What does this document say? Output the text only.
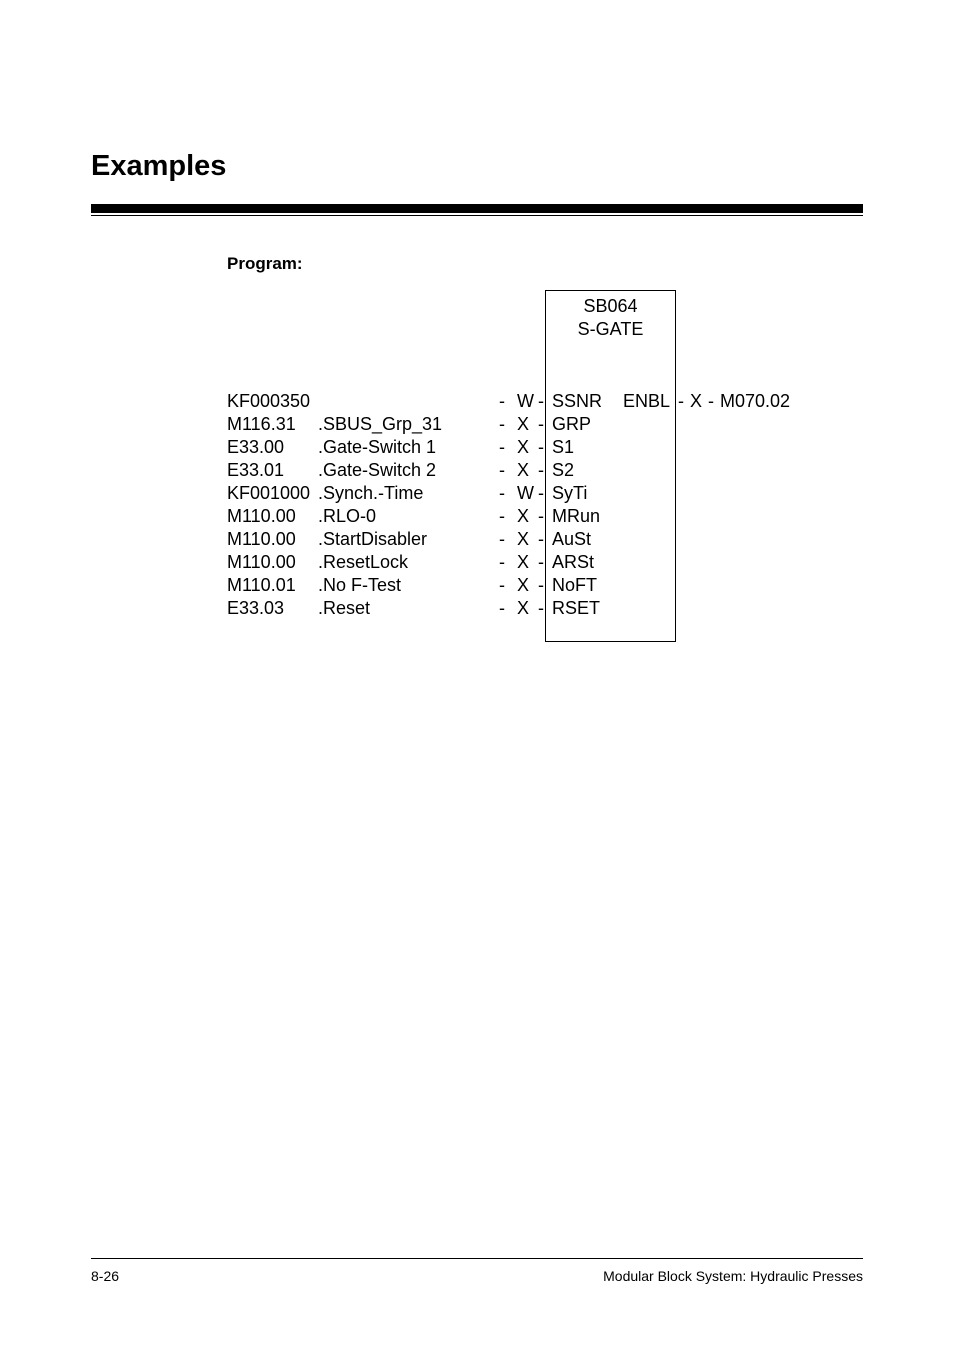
Examples
Program:
SB064
S-GATE
KF000350	- W - SSNR ENBL - X - M070.02
M116.31 .SBUS_Grp_31	- X - GRP
E33.00 .Gate-Switch 1	- X - S1
E33.01 .Gate-Switch 2	- X - S2
KF001000 .Synch.-Time	- W - SyTi
M110.00 .RLO-0	- X - MRun
M110.00 .StartDisabler	- X - AuSt
M110.00 .ResetLock	- X - ARSt
M110.01 .No F-Test	- X - NoFT
E33.03 .Reset	- X - RSET
8-26	Modular Block System: Hydraulic Presses
